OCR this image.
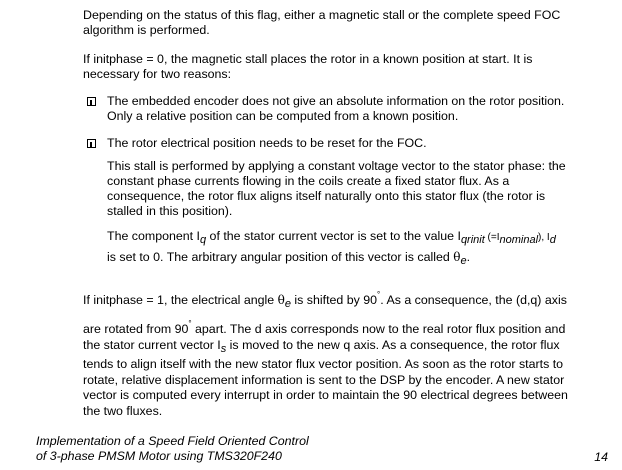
Depending on the status of this flag, either a magnetic stall or the complete speed FOC
algorithm is performed.

If initphase = 0, the magnetic stall places the rotor in a known position at start. It is
necessary for two reasons:

The embedded encoder does not give an absolute information on the rotor position.
Only a relative position can be computed from a known position.

The rotor electrical position needs to be reset for the FOC.

This stall is performed by applying a constant voltage vector to the stator phase: the
constant phase currents flowing in the coils create a fixed stator flux. As a
consequence, the rotor flux aligns itself naturally onto this stator flux (the rotor is
stalled in this position).

The component Iq of the stator current vector is set to the value Iqrinit (=Inominal), Id
is set to 0. The arbitrary angular position of this vector is called θe.

If initphase = 1, the electrical angle θe is shifted by 90°. As a consequence, the (d,q) axis

are rotated from 90° apart. The d axis corresponds now to the real rotor flux position and
the stator current vector Is is moved to the new q axis. As a consequence, the rotor flux
tends to align itself with the new stator flux vector position. As soon as the rotor starts to
rotate, relative displacement information is sent to the DSP by the encoder. A new stator
vector is computed every interrupt in order to maintain the 90 electrical degrees between
the two fluxes.

Implementation of a Speed Field Oriented Control
of 3-phase PMSM Motor using TMS320F240	14
